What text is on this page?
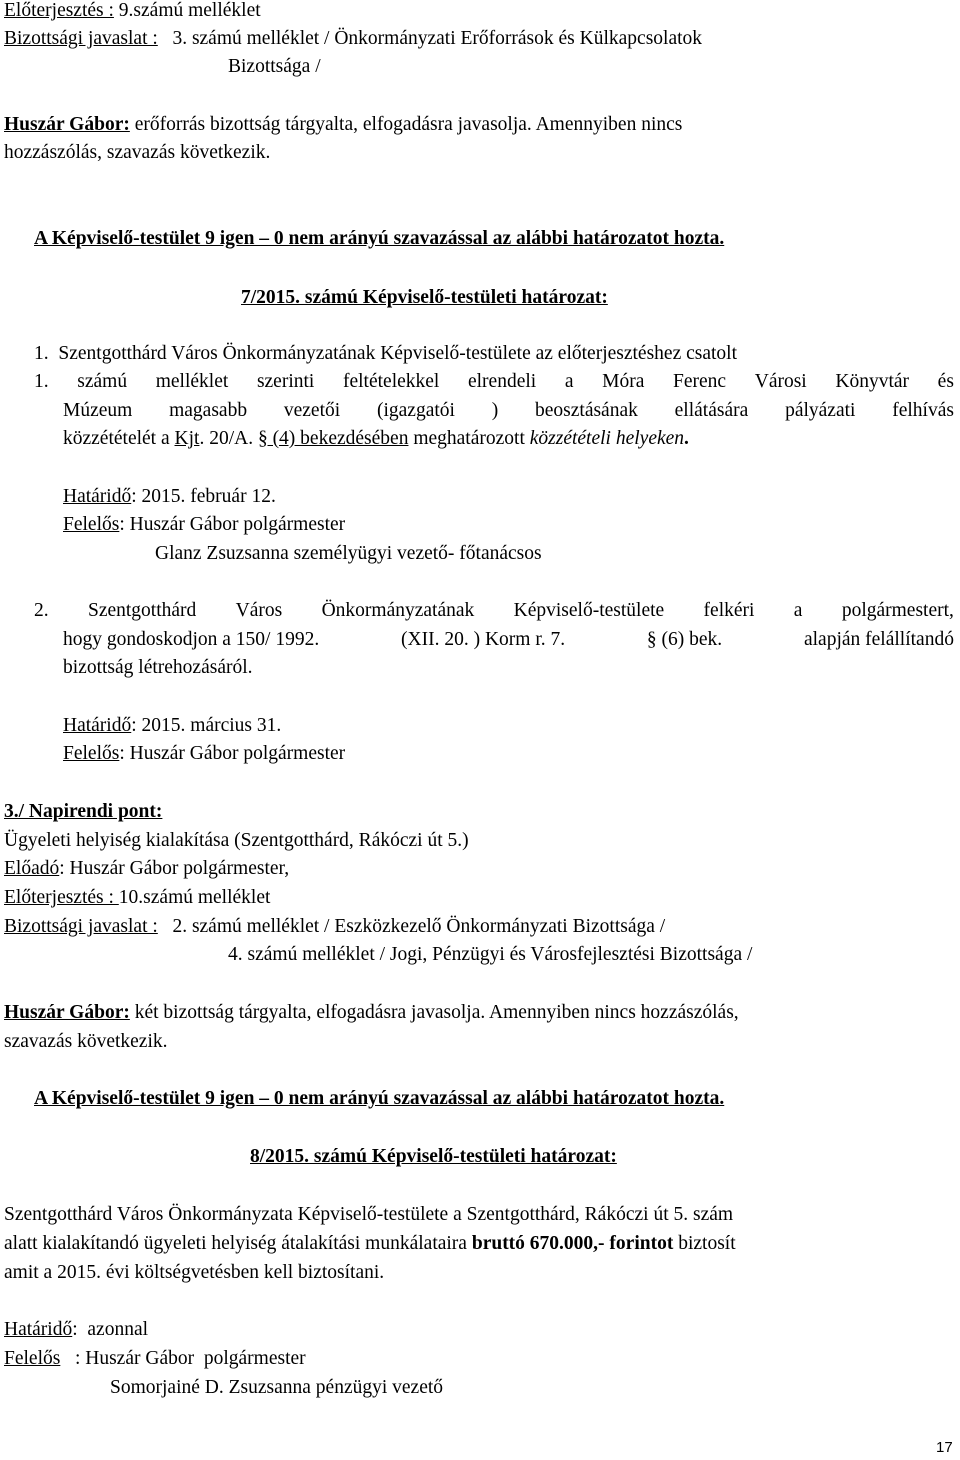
Előterjesztés : 9.számú melléklet
Bizottsági javaslat :   3. számú melléklet / Önkormányzati Erőforrások és Külkapcsolatok
Bizottsága /
Huszár Gábor: erőforrás bizottság tárgyalta, elfogadásra javasolja. Amennyiben nincs
hozzászólás, szavazás következik.
A Képviselő-testület 9 igen – 0 nem arányú szavazással az alábbi határozatot hozta.
7/2015. számú Képviselő-testületi határozat:
1.  Szentgotthárd Város Önkormányzatának Képviselő-testülete az előterjesztéshez csatolt
1. számú melléklet szerinti feltételekkel elrendeli a Móra Ferenc Városi Könyvtár és
Múzeum magasabb vezetői (igazgatói ) beosztásának ellátására pályázati felhívás
közzétételét a Kjt. 20/A. § (4) bekezdésében meghatározott közzétételi helyeken.
Határidő: 2015. február 12.
Felelős: Huszár Gábor polgármester
Glanz Zsuzsanna személyügyi vezető- főtanácsos
2. Szentgotthárd Város Önkormányzatának Képviselő-testülete felkéri a polgármestert,
hogy gondoskodjon a 150/ 1992.	(XII. 20. ) Korm r. 7.	§ (6) bek.	alapján felállítandó
bizottság létrehozásáról.
Határidő: 2015. március 31.
Felelős: Huszár Gábor polgármester
3./ Napirendi pont:
Ügyeleti helyiség kialakítása (Szentgotthárd, Rákóczi út 5.)
Előadó: Huszár Gábor polgármester,
Előterjesztés : 10.számú melléklet
Bizottsági javaslat :   2. számú melléklet / Eszközkezelő Önkormányzati Bizottsága /
4. számú melléklet / Jogi, Pénzügyi és Városfejlesztési Bizottsága /
Huszár Gábor: két bizottság tárgyalta, elfogadásra javasolja. Amennyiben nincs hozzászólás,
szavazás következik.
A Képviselő-testület 9 igen – 0 nem arányú szavazással az alábbi határozatot hozta.
8/2015. számú Képviselő-testületi határozat:
Szentgotthárd Város Önkormányzata Képviselő-testülete a Szentgotthárd, Rákóczi út 5. szám
alatt kialakítandó ügyeleti helyiség átalakítási munkálataira bruttó 670.000,- forintot biztosít
amit a 2015. évi költségvetésben kell biztosítani.
Határidő:  azonnal
Felelős   : Huszár Gábor  polgármester
Somorjainé D. Zsuzsanna pénzügyi vezető
17
